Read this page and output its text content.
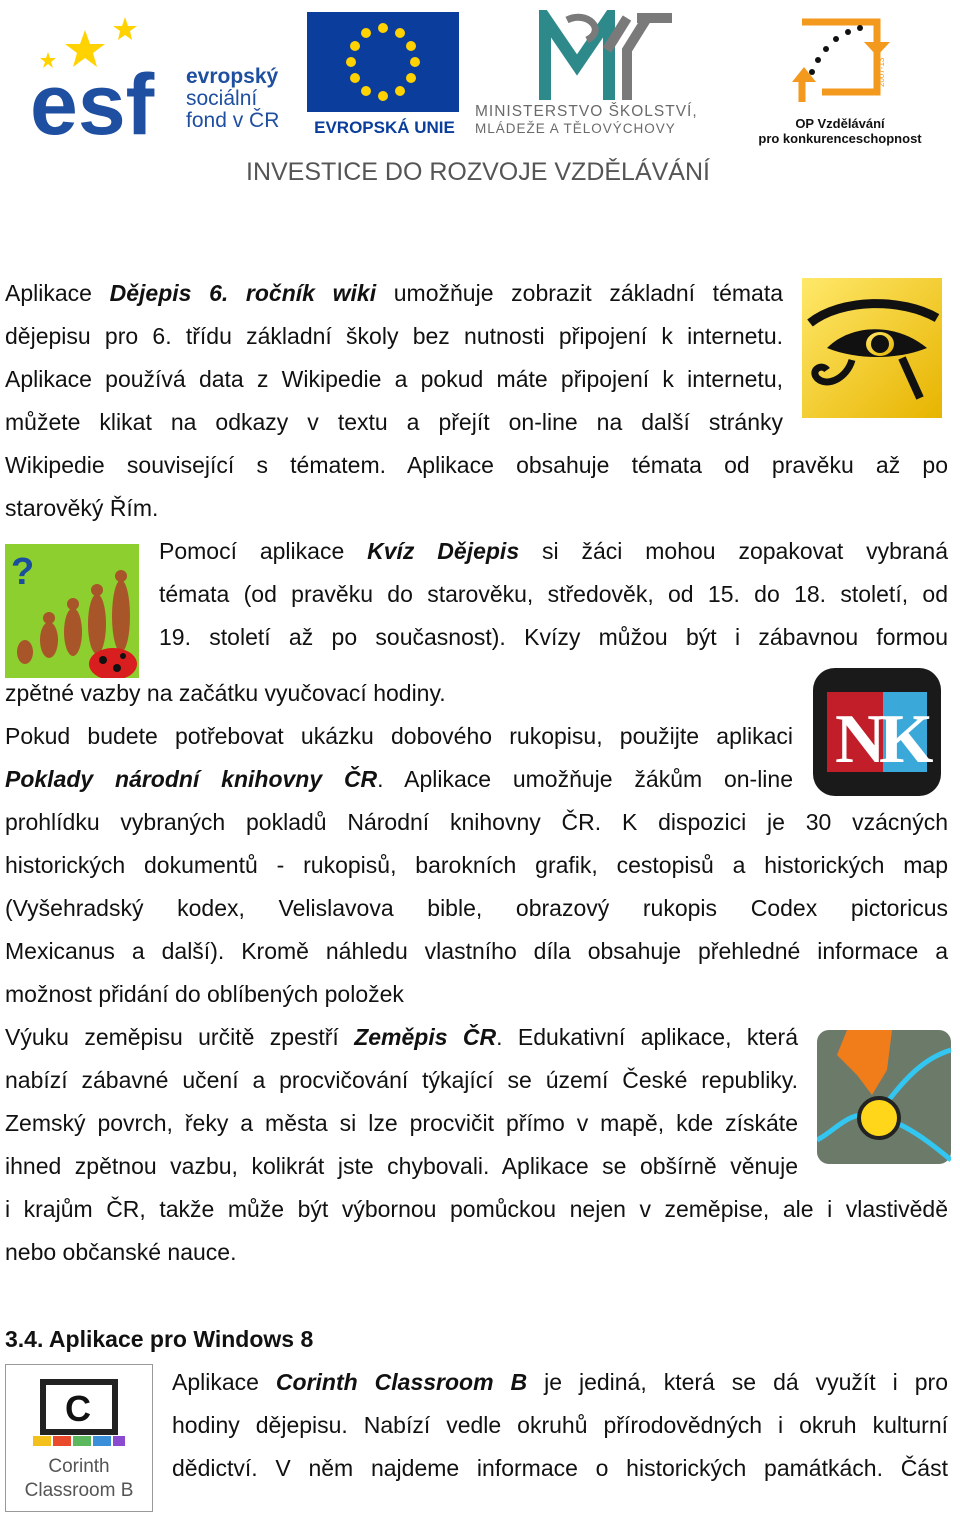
esf evropský
sociální
fond v ČR	EVROPSKÁ UNIE
MINISTERSTVO ŠKOLSTVÍ,
MLÁDEŽE A TĚLOVÝCHOVY
2007-13
OP Vzdělávání
pro konkurenceschopnost
INVESTICE DO ROZVOJE VZDĚLÁVÁNÍ
?
N
K
C
Corinth
Classroom B
Aplikace Dějepis 6. ročník wiki umožňuje zobrazit základní témata
dějepisu pro 6. třídu základní školy bez nutnosti připojení k internetu.
Aplikace používá data z Wikipedie a pokud máte připojení k internetu,
můžete klikat na odkazy v textu a přejít on-line na další stránky
Wikipedie související s tématem. Aplikace obsahuje témata od pravěku až po
starověký Řím.
Pomocí aplikace Kvíz Dějepis si žáci mohou zopakovat vybraná
témata (od pravěku do starověku, středověk, od 15. do 18. století, od
19. století až po současnost). Kvízy můžou být i zábavnou formou
zpětné vazby na začátku vyučovací hodiny.
Pokud budete potřebovat ukázku dobového rukopisu, použijte aplikaci
Poklady národní knihovny ČR. Aplikace umožňuje žákům on-line
prohlídku vybraných pokladů Národní knihovny ČR. K dispozici je 30 vzácných
historických dokumentů - rukopisů, barokních grafik, cestopisů a historických map
(Vyšehradský kodex, Velislavova bible, obrazový rukopis Codex pictoricus
Mexicanus a další). Kromě náhledu vlastního díla obsahuje přehledné informace a
možnost přidání do oblíbených položek
Výuku zeměpisu určitě zpestří Zeměpis ČR. Edukativní aplikace, která
nabízí zábavné učení a procvičování týkající se území České republiky.
Zemský povrch, řeky a města si lze procvičit přímo v mapě, kde získáte
ihned zpětnou vazbu, kolikrát jste chybovali. Aplikace se obšírně věnuje
i krajům ČR, takže může být výbornou pomůckou nejen v zeměpise, ale i vlastivědě
nebo občanské nauce.
3.4. Aplikace pro Windows 8
Aplikace Corinth Classroom B je jediná, která se dá využít i pro
hodiny dějepisu. Nabízí vedle okruhů přírodovědných i okruh kulturní
dědictví. V něm najdeme informace o historických památkách. Část
